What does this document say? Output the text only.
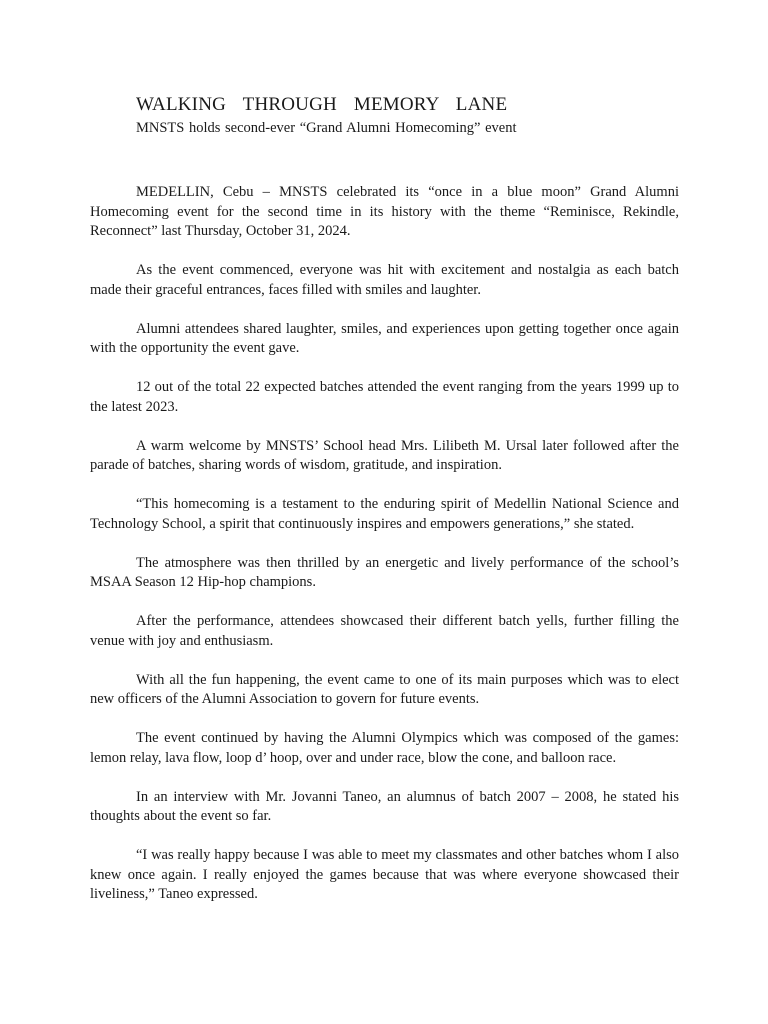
WALKING THROUGH MEMORY LANE
MNSTS holds second-ever “Grand Alumni Homecoming” event

MEDELLIN, Cebu – MNSTS celebrated its “once in a blue moon” Grand Alumni Homecoming event for the second time in its history with the theme “Reminisce, Rekindle, Reconnect” last Thursday, October 31, 2024.

As the event commenced, everyone was hit with excitement and nostalgia as each batch made their graceful entrances, faces filled with smiles and laughter.

Alumni attendees shared laughter, smiles, and experiences upon getting together once again with the opportunity the event gave.

12 out of the total 22 expected batches attended the event ranging from the years 1999 up to the latest 2023.

A warm welcome by MNSTS’ School head Mrs. Lilibeth M. Ursal later followed after the parade of batches, sharing words of wisdom, gratitude, and inspiration.

“This homecoming is a testament to the enduring spirit of Medellin National Science and Technology School, a spirit that continuously inspires and empowers generations,” she stated.

The atmosphere was then thrilled by an energetic and lively performance of the school’s MSAA Season 12 Hip-hop champions.

After the performance, attendees showcased their different batch yells, further filling the venue with joy and enthusiasm.

With all the fun happening, the event came to one of its main purposes which was to elect new officers of the Alumni Association to govern for future events.

The event continued by having the Alumni Olympics which was composed of the games: lemon relay, lava flow, loop d’ hoop, over and under race, blow the cone, and balloon race.

In an interview with Mr. Jovanni Taneo, an alumnus of batch 2007 – 2008, he stated his thoughts about the event so far.

“I was really happy because I was able to meet my classmates and other batches whom I also knew once again. I really enjoyed the games because that was where everyone showcased their liveliness,” Taneo expressed.
